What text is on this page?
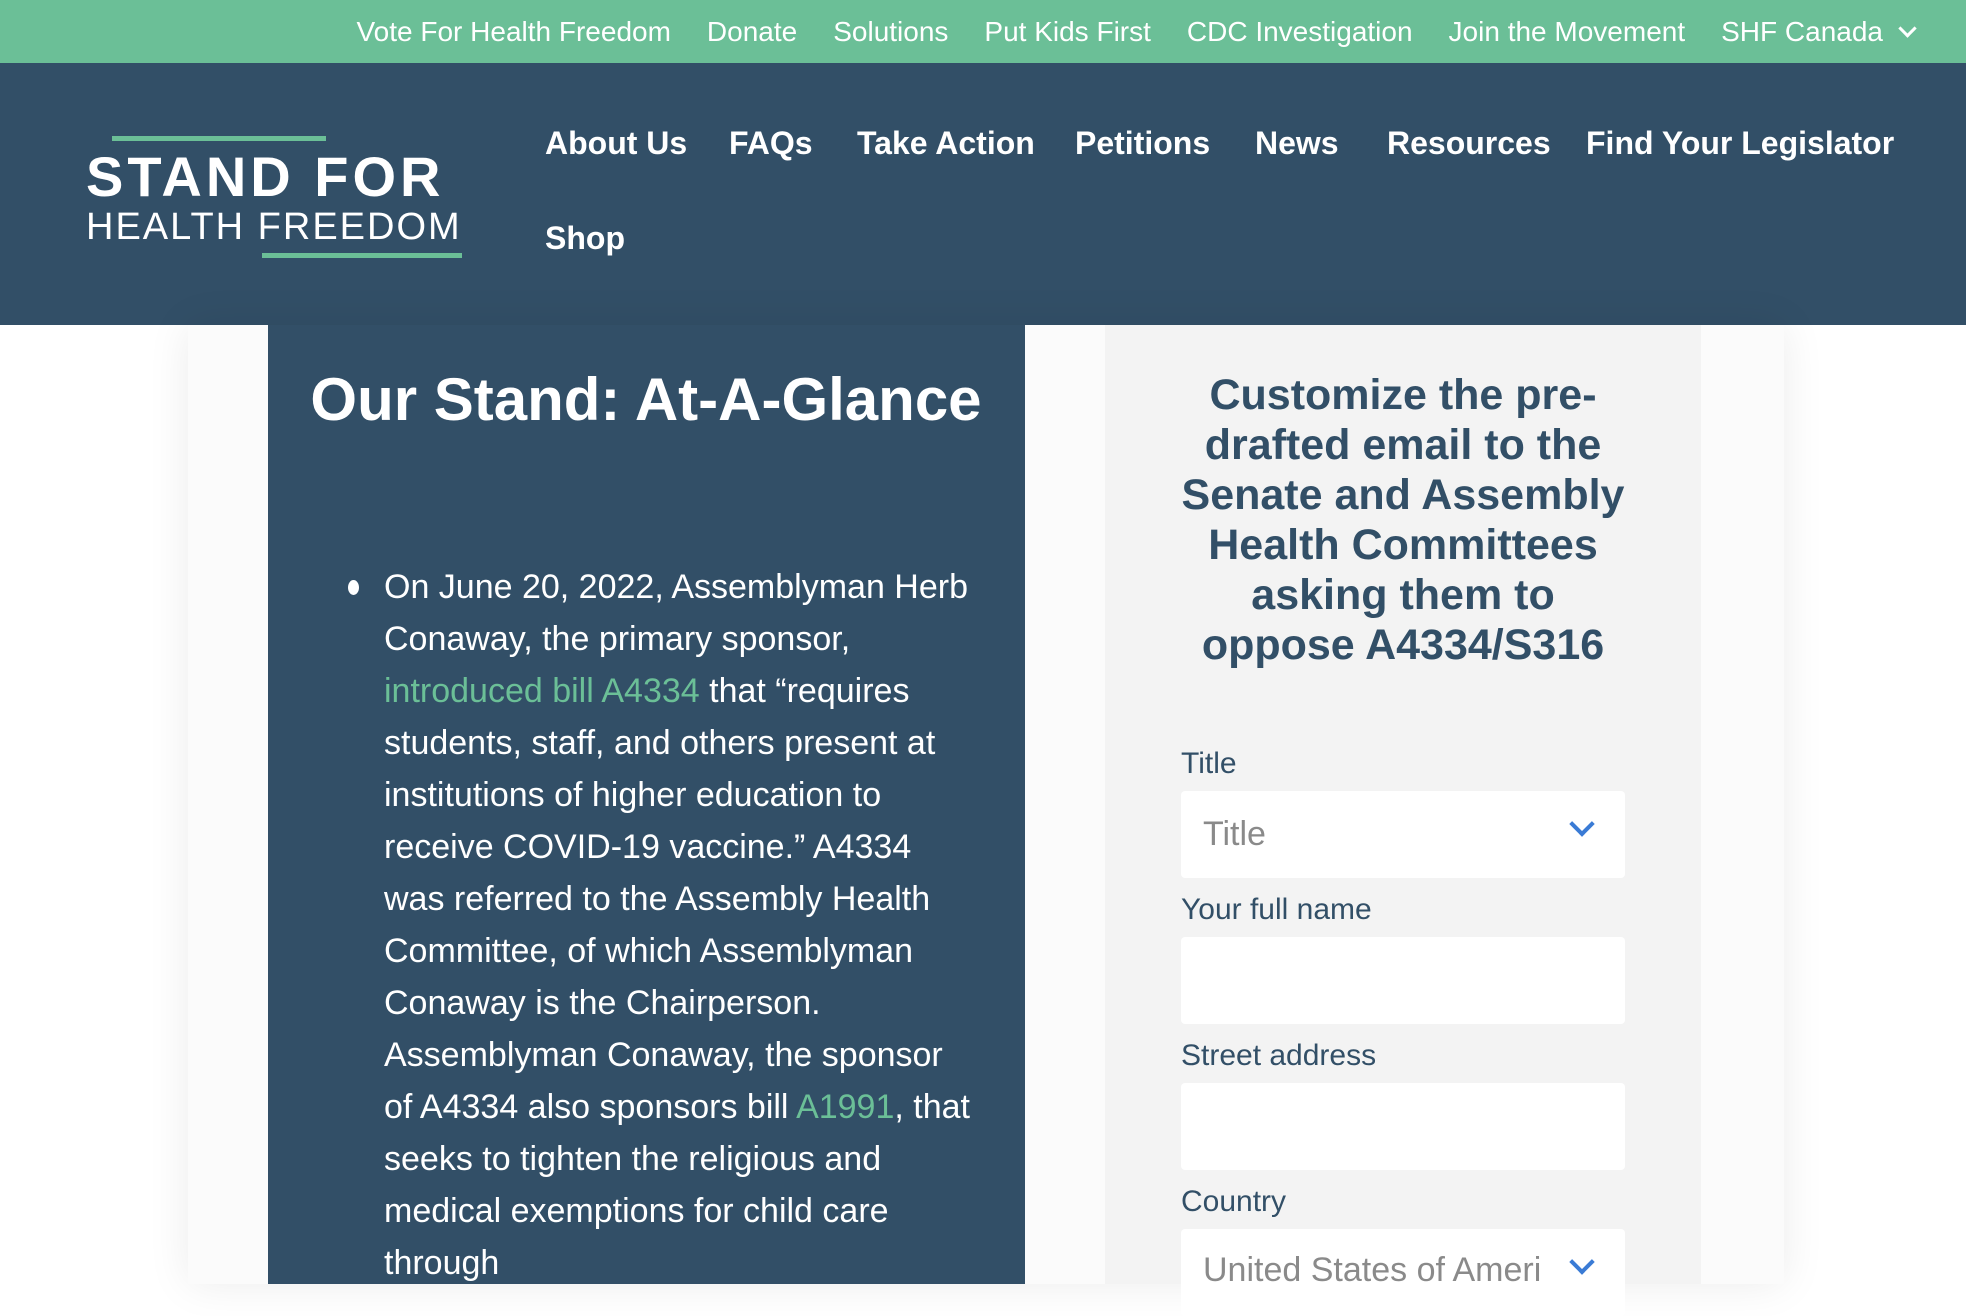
Vote For Health Freedom Donate Solutions Put Kids First CDC Investigation Join the Movement SHF Canada
STAND FOR
HEALTH FREEDOM
About Us FAQs Take Action Petitions News Resources Find Your Legislator
Shop
Our Stand: At-A-Glance

On June 20, 2022, Assemblyman Herb Conaway, the primary sponsor, introduced bill A4334 that “requires students, staff, and others present at institutions of higher education to receive COVID-19 vaccine.” A4334 was referred to the Assembly Health Committee, of which Assemblyman Conaway is the Chairperson. Assemblyman Conaway, the sponsor of A4334 also sponsors bill A1991, that seeks to tighten the religious and medical exemptions for child care through

Customize the pre-drafted email to the Senate and Assembly Health Committees asking them to oppose A4334/S316
Title
Title
Your full name
Street address
Country
United States of Ameri
